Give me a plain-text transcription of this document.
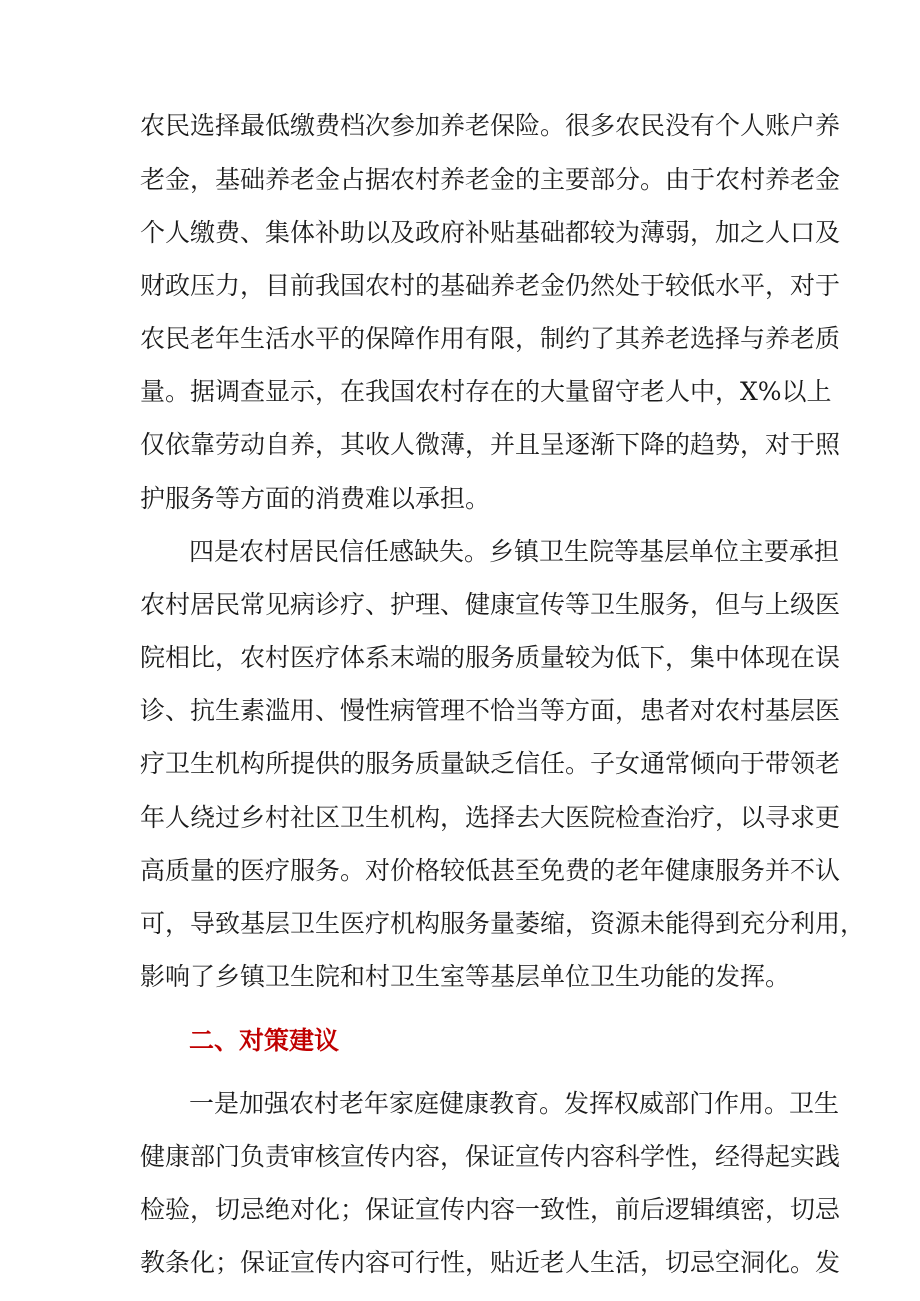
农民选择最低缴费档次参加养老保险。很多农民没有个人账户养
老金，基础养老金占据农村养老金的主要部分。由于农村养老金
个人缴费、集体补助以及政府补贴基础都较为薄弱，加之人口及
财政压力，目前我国农村的基础养老金仍然处于较低水平，对于
农民老年生活水平的保障作用有限，制约了其养老选择与养老质
量。据调查显示，在我国农村存在的大量留守老人中，X%以上
仅依靠劳动自养，其收人微薄，并且呈逐渐下降的趋势，对于照
护服务等方面的消费难以承担。
四是农村居民信任感缺失。乡镇卫生院等基层单位主要承担
农村居民常见病诊疗、护理、健康宣传等卫生服务，但与上级医
院相比，农村医疗体系末端的服务质量较为低下，集中体现在误
诊、抗生素滥用、慢性病管理不恰当等方面，患者对农村基层医
疗卫生机构所提供的服务质量缺乏信任。子女通常倾向于带领老
年人绕过乡村社区卫生机构，选择去大医院检查治疗，以寻求更
高质量的医疗服务。对价格较低甚至免费的老年健康服务并不认
可，导致基层卫生医疗机构服务量萎缩，资源未能得到充分利用，
影响了乡镇卫生院和村卫生室等基层单位卫生功能的发挥。
二、对策建议
一是加强农村老年家庭健康教育。发挥权威部门作用。卫生
健康部门负责审核宣传内容，保证宣传内容科学性，经得起实践
检验，切忌绝对化；保证宣传内容一致性，前后逻辑缜密，切忌
教条化；保证宣传内容可行性，贴近老人生活，切忌空洞化。发
